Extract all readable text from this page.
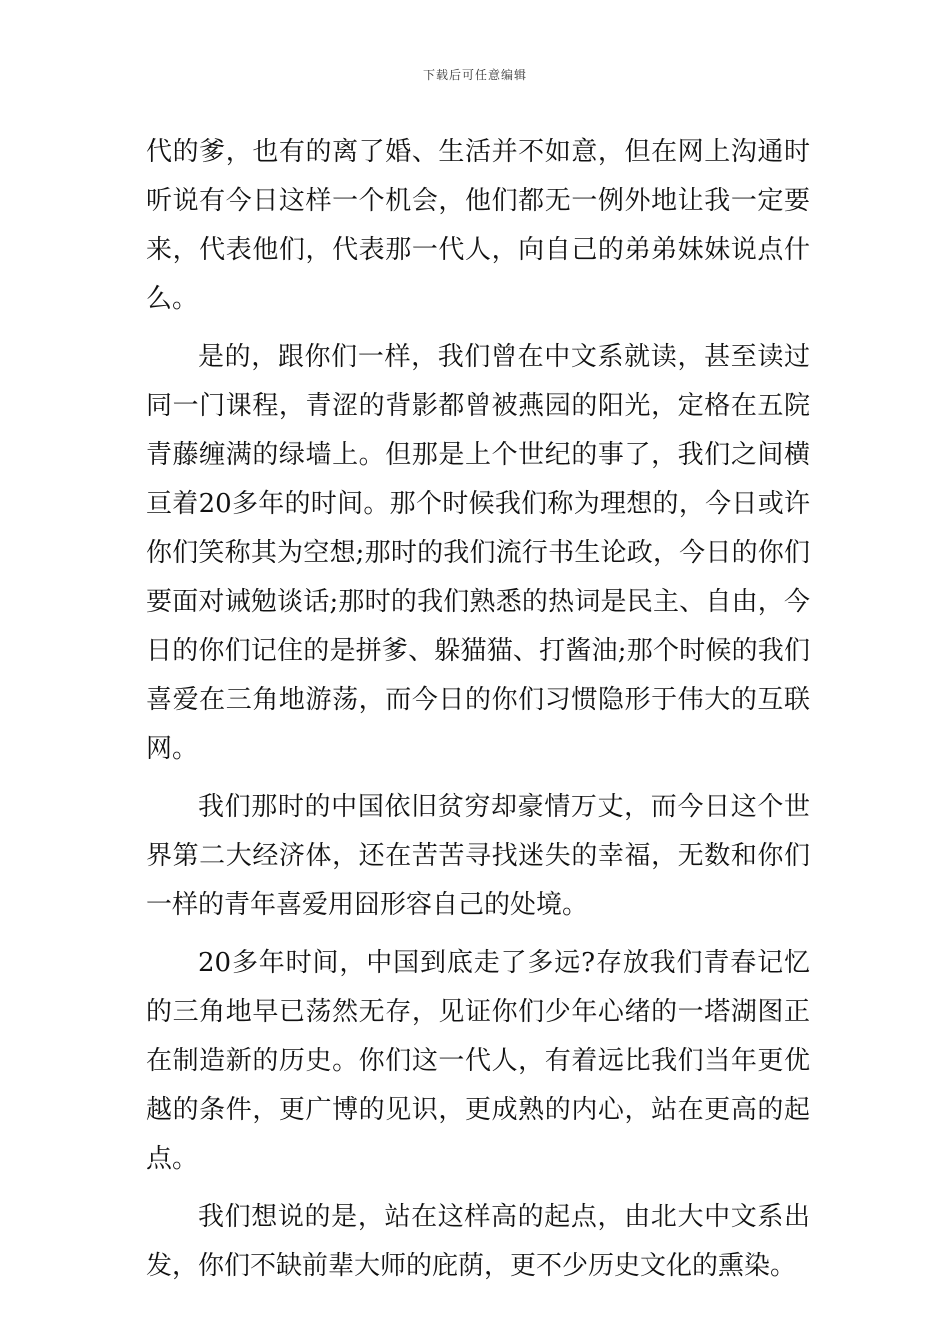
下载后可任意编辑

代的爹，也有的离了婚、生活并不如意，但在网上沟通时听说有今日这样一个机会，他们都无一例外地让我一定要来，代表他们，代表那一代人，向自己的弟弟妹妹说点什么。

是的，跟你们一样，我们曾在中文系就读，甚至读过同一门课程，青涩的背影都曾被燕园的阳光，定格在五院青藤缠满的绿墙上。但那是上个世纪的事了，我们之间横亘着20多年的时间。那个时候我们称为理想的，今日或许你们笑称其为空想;那时的我们流行书生论政，今日的你们要面对诫勉谈话;那时的我们熟悉的热词是民主、自由，今日的你们记住的是拼爹、躲猫猫、打酱油;那个时候的我们喜爱在三角地游荡，而今日的你们习惯隐形于伟大的互联网。

我们那时的中国依旧贫穷却豪情万丈，而今日这个世界第二大经济体，还在苦苦寻找迷失的幸福，无数和你们一样的青年喜爱用囧形容自己的处境。

20多年时间，中国到底走了多远?存放我们青春记忆的三角地早已荡然无存，见证你们少年心绪的一塔湖图正在制造新的历史。你们这一代人，有着远比我们当年更优越的条件，更广博的见识，更成熟的内心，站在更高的起点。

我们想说的是，站在这样高的起点，由北大中文系出发，你们不缺前辈大师的庇荫，更不少历史文化的熏染。
